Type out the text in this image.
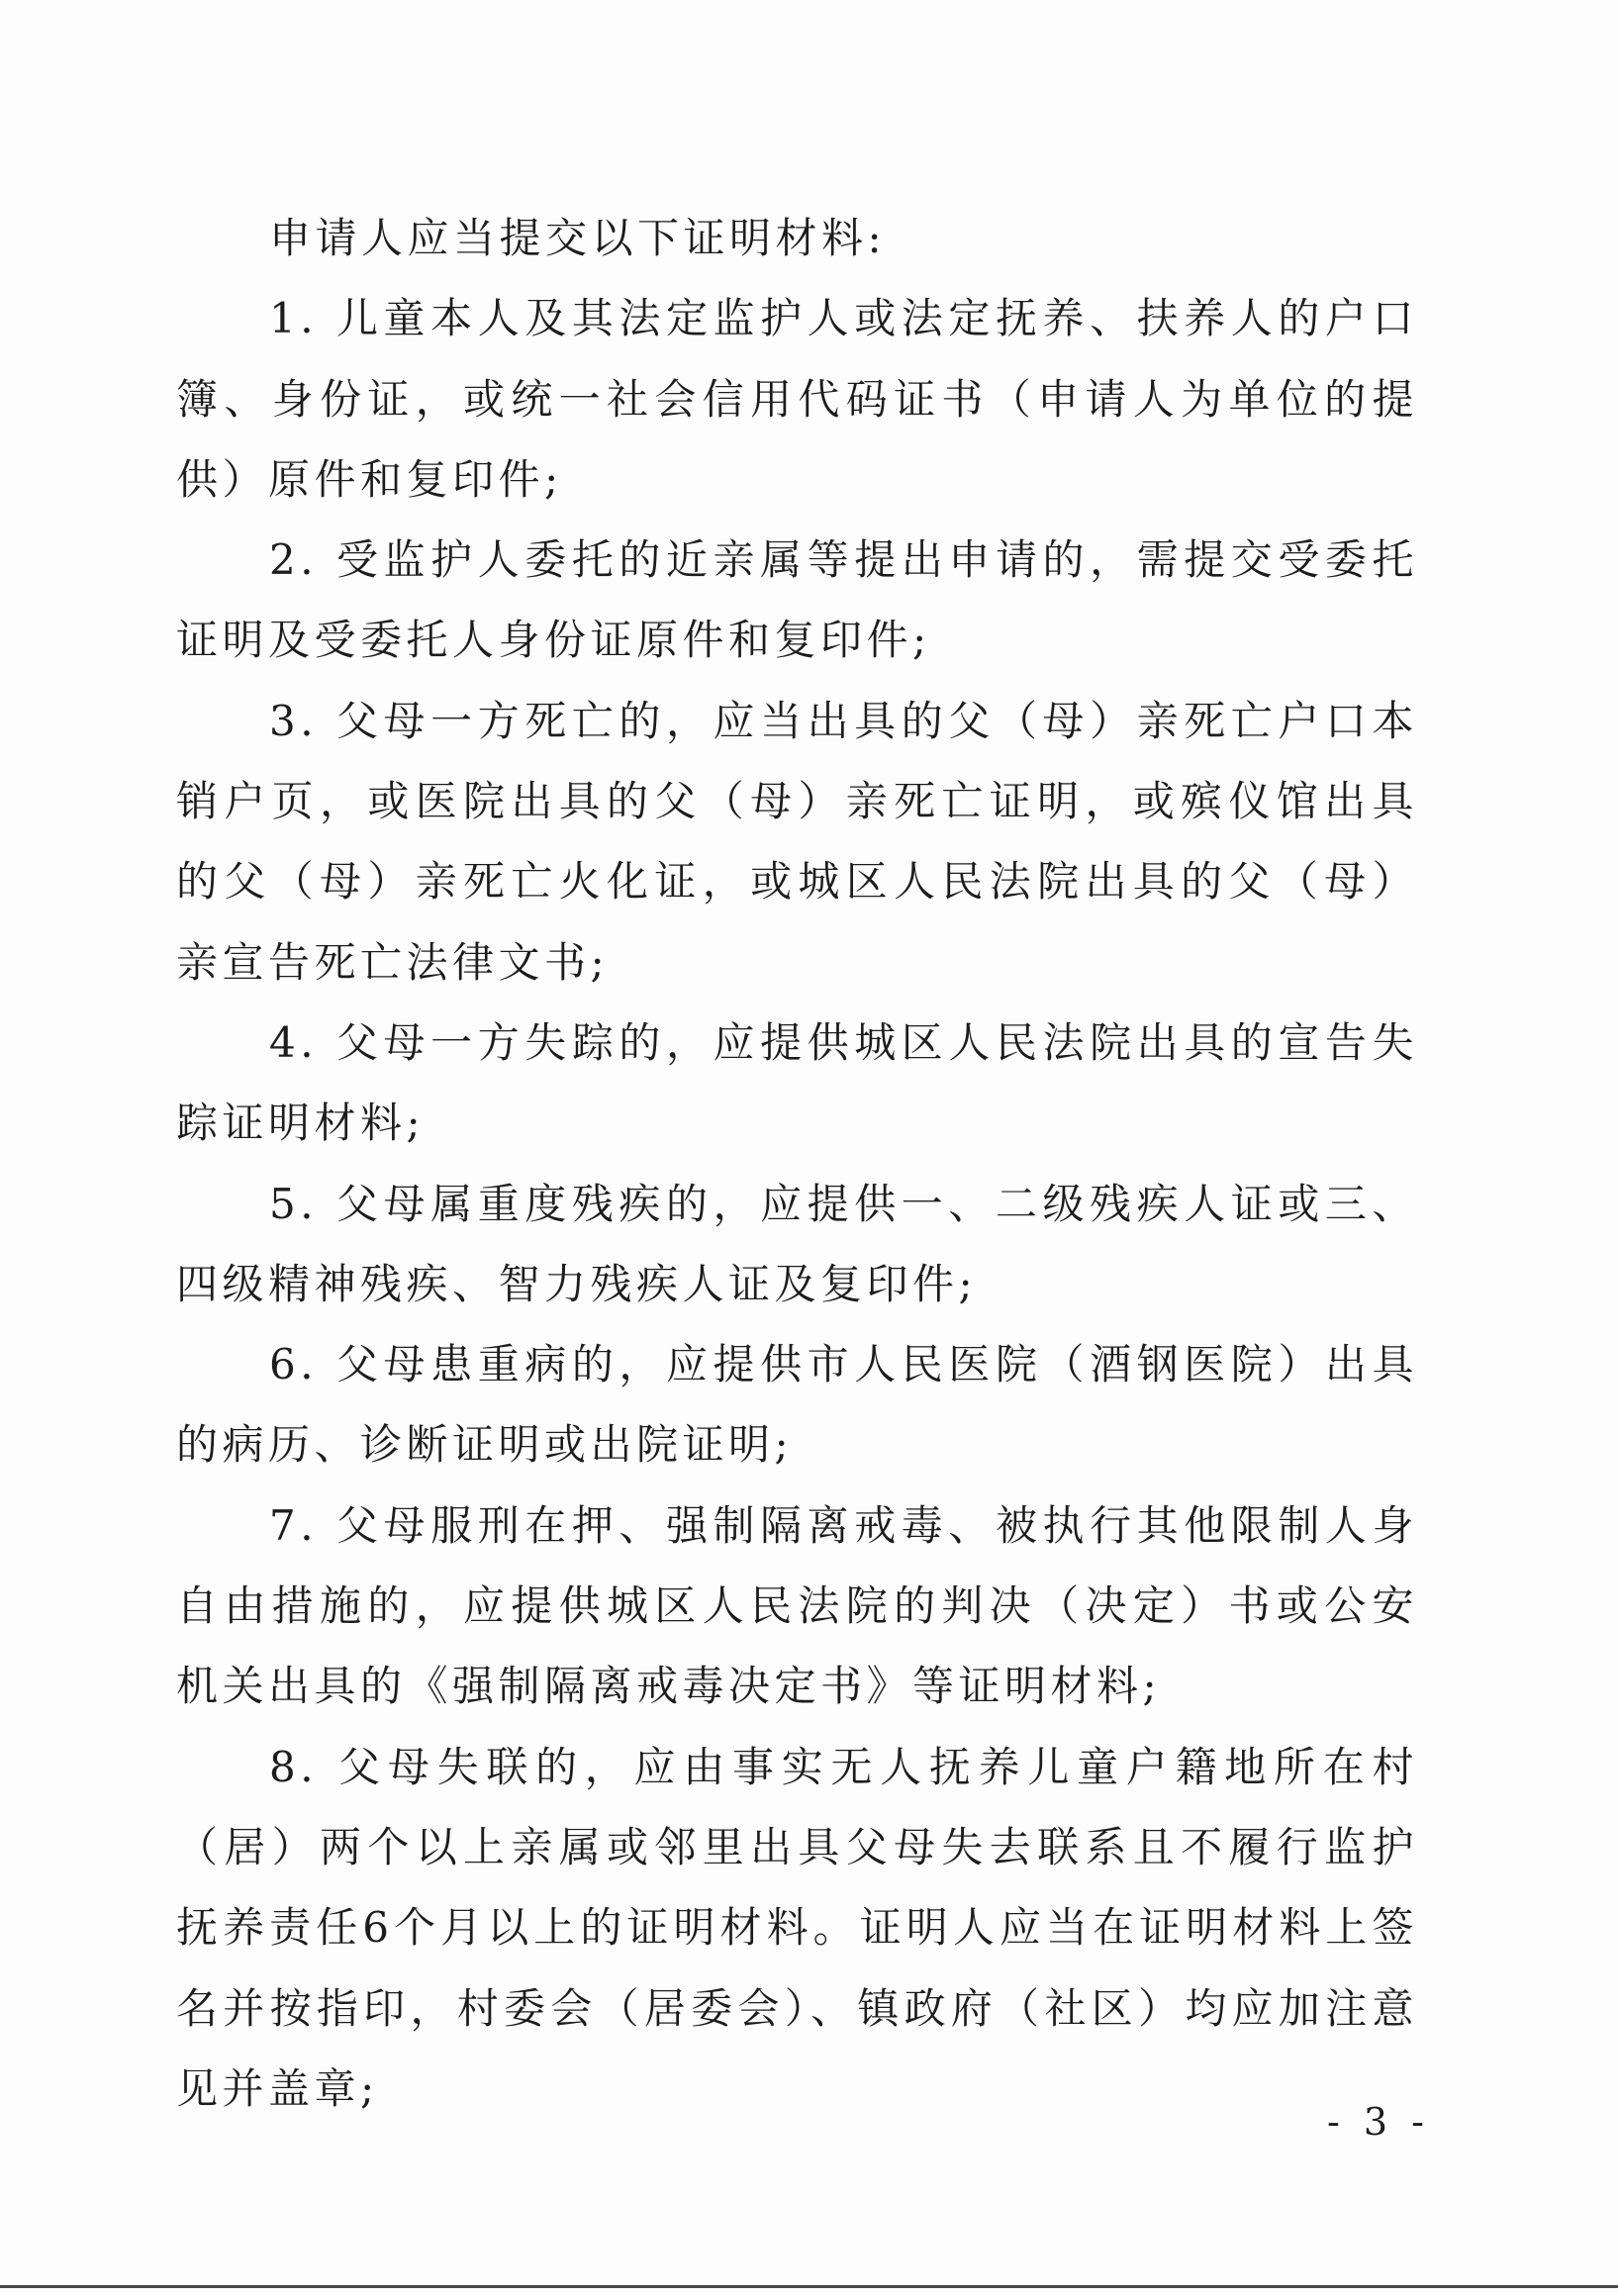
申请人应当提交以下证明材料:

1. 儿童本人及其法定监护人或法定抚养、扶养人的户口簿、身份证，或统一社会信用代码证书（申请人为单位的提供）原件和复印件;

2. 受监护人委托的近亲属等提出申请的，需提交受委托证明及受委托人身份证原件和复印件;

3. 父母一方死亡的，应当出具的父（母）亲死亡户口本销户页，或医院出具的父（母）亲死亡证明，或殡仪馆出具的父（母）亲死亡火化证，或城区人民法院出具的父（母）亲宣告死亡法律文书;

4. 父母一方失踪的，应提供城区人民法院出具的宣告失踪证明材料;

5. 父母属重度残疾的，应提供一、二级残疾人证或三、四级精神残疾、智力残疾人证及复印件;

6. 父母患重病的，应提供市人民医院（酒钢医院）出具的病历、诊断证明或出院证明;

7. 父母服刑在押、强制隔离戒毒、被执行其他限制人身自由措施的，应提供城区人民法院的判决（决定）书或公安机关出具的《强制隔离戒毒决定书》等证明材料;

8. 父母失联的，应由事实无人抚养儿童户籍地所在村（居）两个以上亲属或邻里出具父母失去联系且不履行监护抚养责任6个月以上的证明材料。证明人应当在证明材料上签名并按指印，村委会（居委会）、镇政府（社区）均应加注意见并盖章;

- 3 -
